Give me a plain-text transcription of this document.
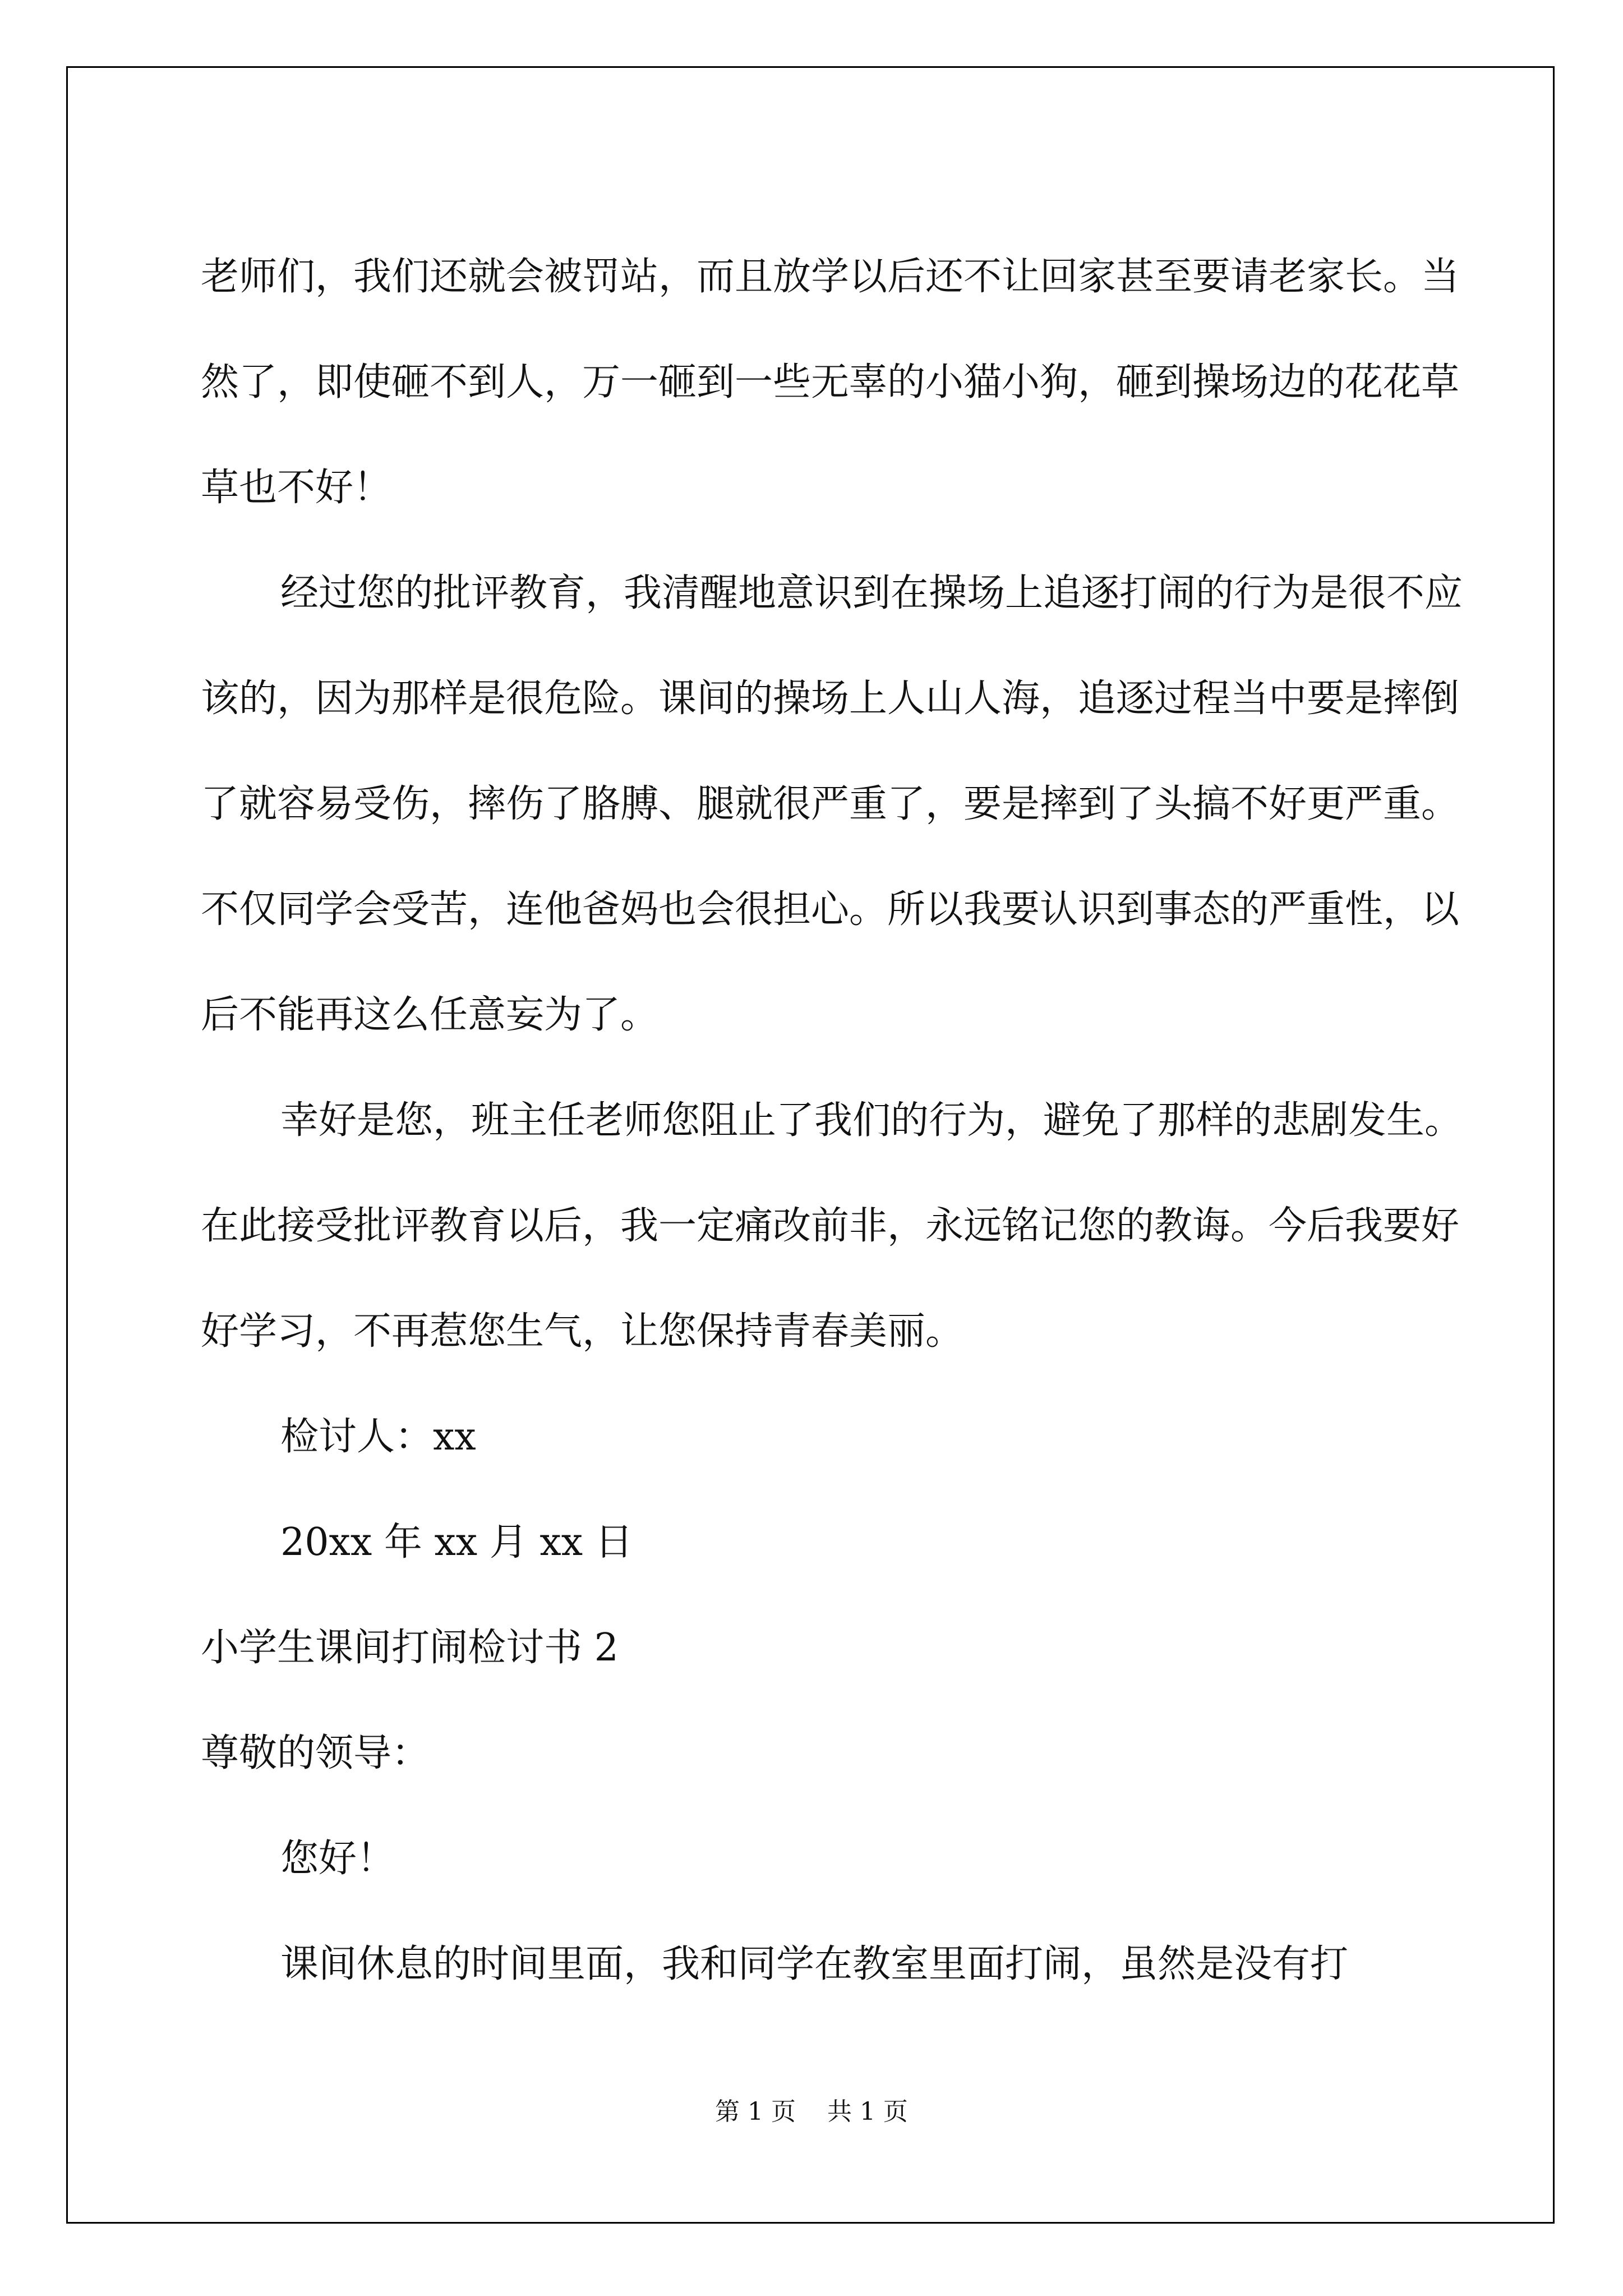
老师们，我们还就会被罚站，而且放学以后还不让回家甚至要请老家长。当然了，即使砸不到人，万一砸到一些无辜的小猫小狗，砸到操场边的花花草草也不好！

经过您的批评教育，我清醒地意识到在操场上追逐打闹的行为是很不应该的，因为那样是很危险。课间的操场上人山人海，追逐过程当中要是摔倒了就容易受伤，摔伤了胳膊、腿就很严重了，要是摔到了头搞不好更严重。不仅同学会受苦，连他爸妈也会很担心。所以我要认识到事态的严重性，以后不能再这么任意妄为了。

幸好是您，班主任老师您阻止了我们的行为，避免了那样的悲剧发生。在此接受批评教育以后，我一定痛改前非，永远铭记您的教诲。今后我要好好学习，不再惹您生气，让您保持青春美丽。

检讨人：xx

20xx 年 xx 月 xx 日

小学生课间打闹检讨书 2

尊敬的领导：

您好！

课间休息的时间里面，我和同学在教室里面打闹，虽然是没有打

第 1 页    共 1 页
